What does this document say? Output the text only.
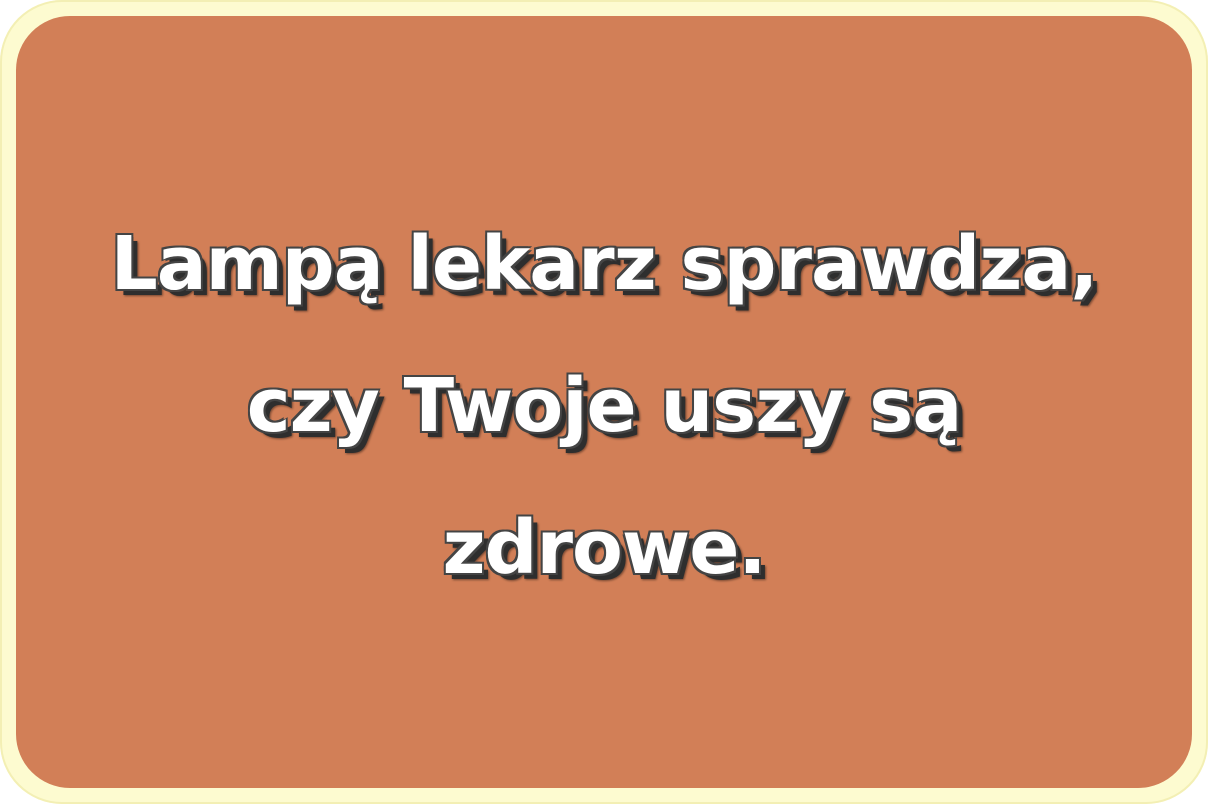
Lampą lekarz sprawdza,
czy Twoje uszy są
zdrowe.
